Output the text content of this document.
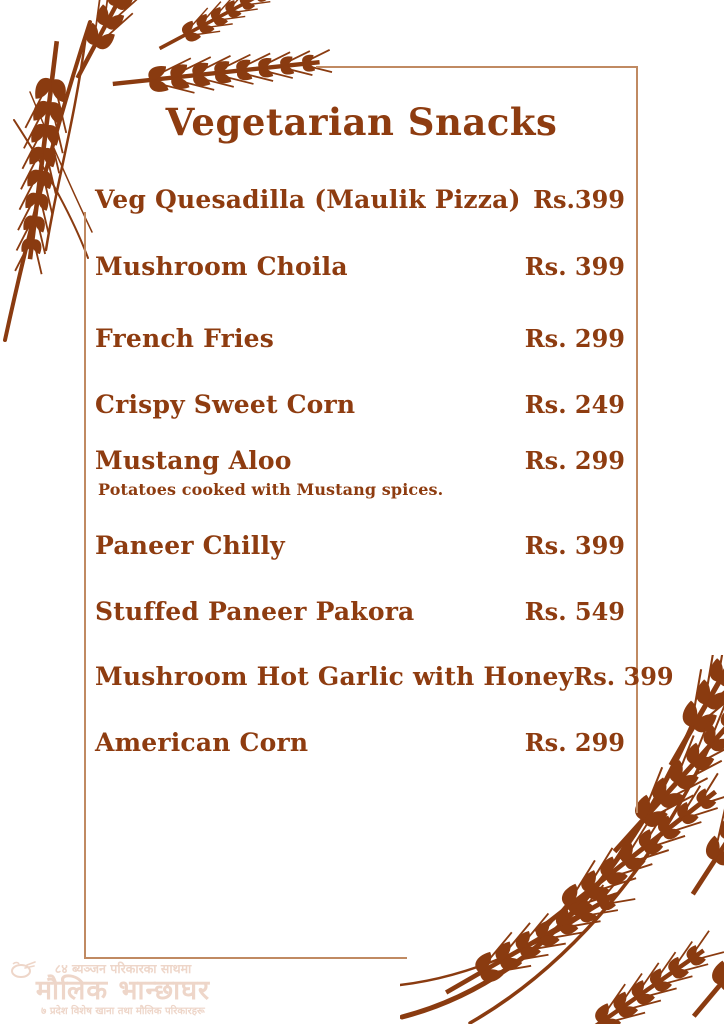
Vegetarian Snacks
Veg Quesadilla (Maulik Pizza) Rs.399
Mushroom Choila	Rs. 399
French Fries	Rs. 299
Crispy Sweet Corn	Rs. 249
Mustang Aloo	Rs. 299
Potatoes cooked with Mustang spices.
Paneer Chilly	Rs. 399
Stuffed Paneer Pakora	Rs. 549
Mushroom Hot Garlic with Honey Rs. 399
American Corn	Rs. 299
८४ ब्यञ्जन परिकारका साथमा
मौलिक भान्छाघर
७ प्रदेश विशेष खाना तथा मौलिक परिकारहरू
